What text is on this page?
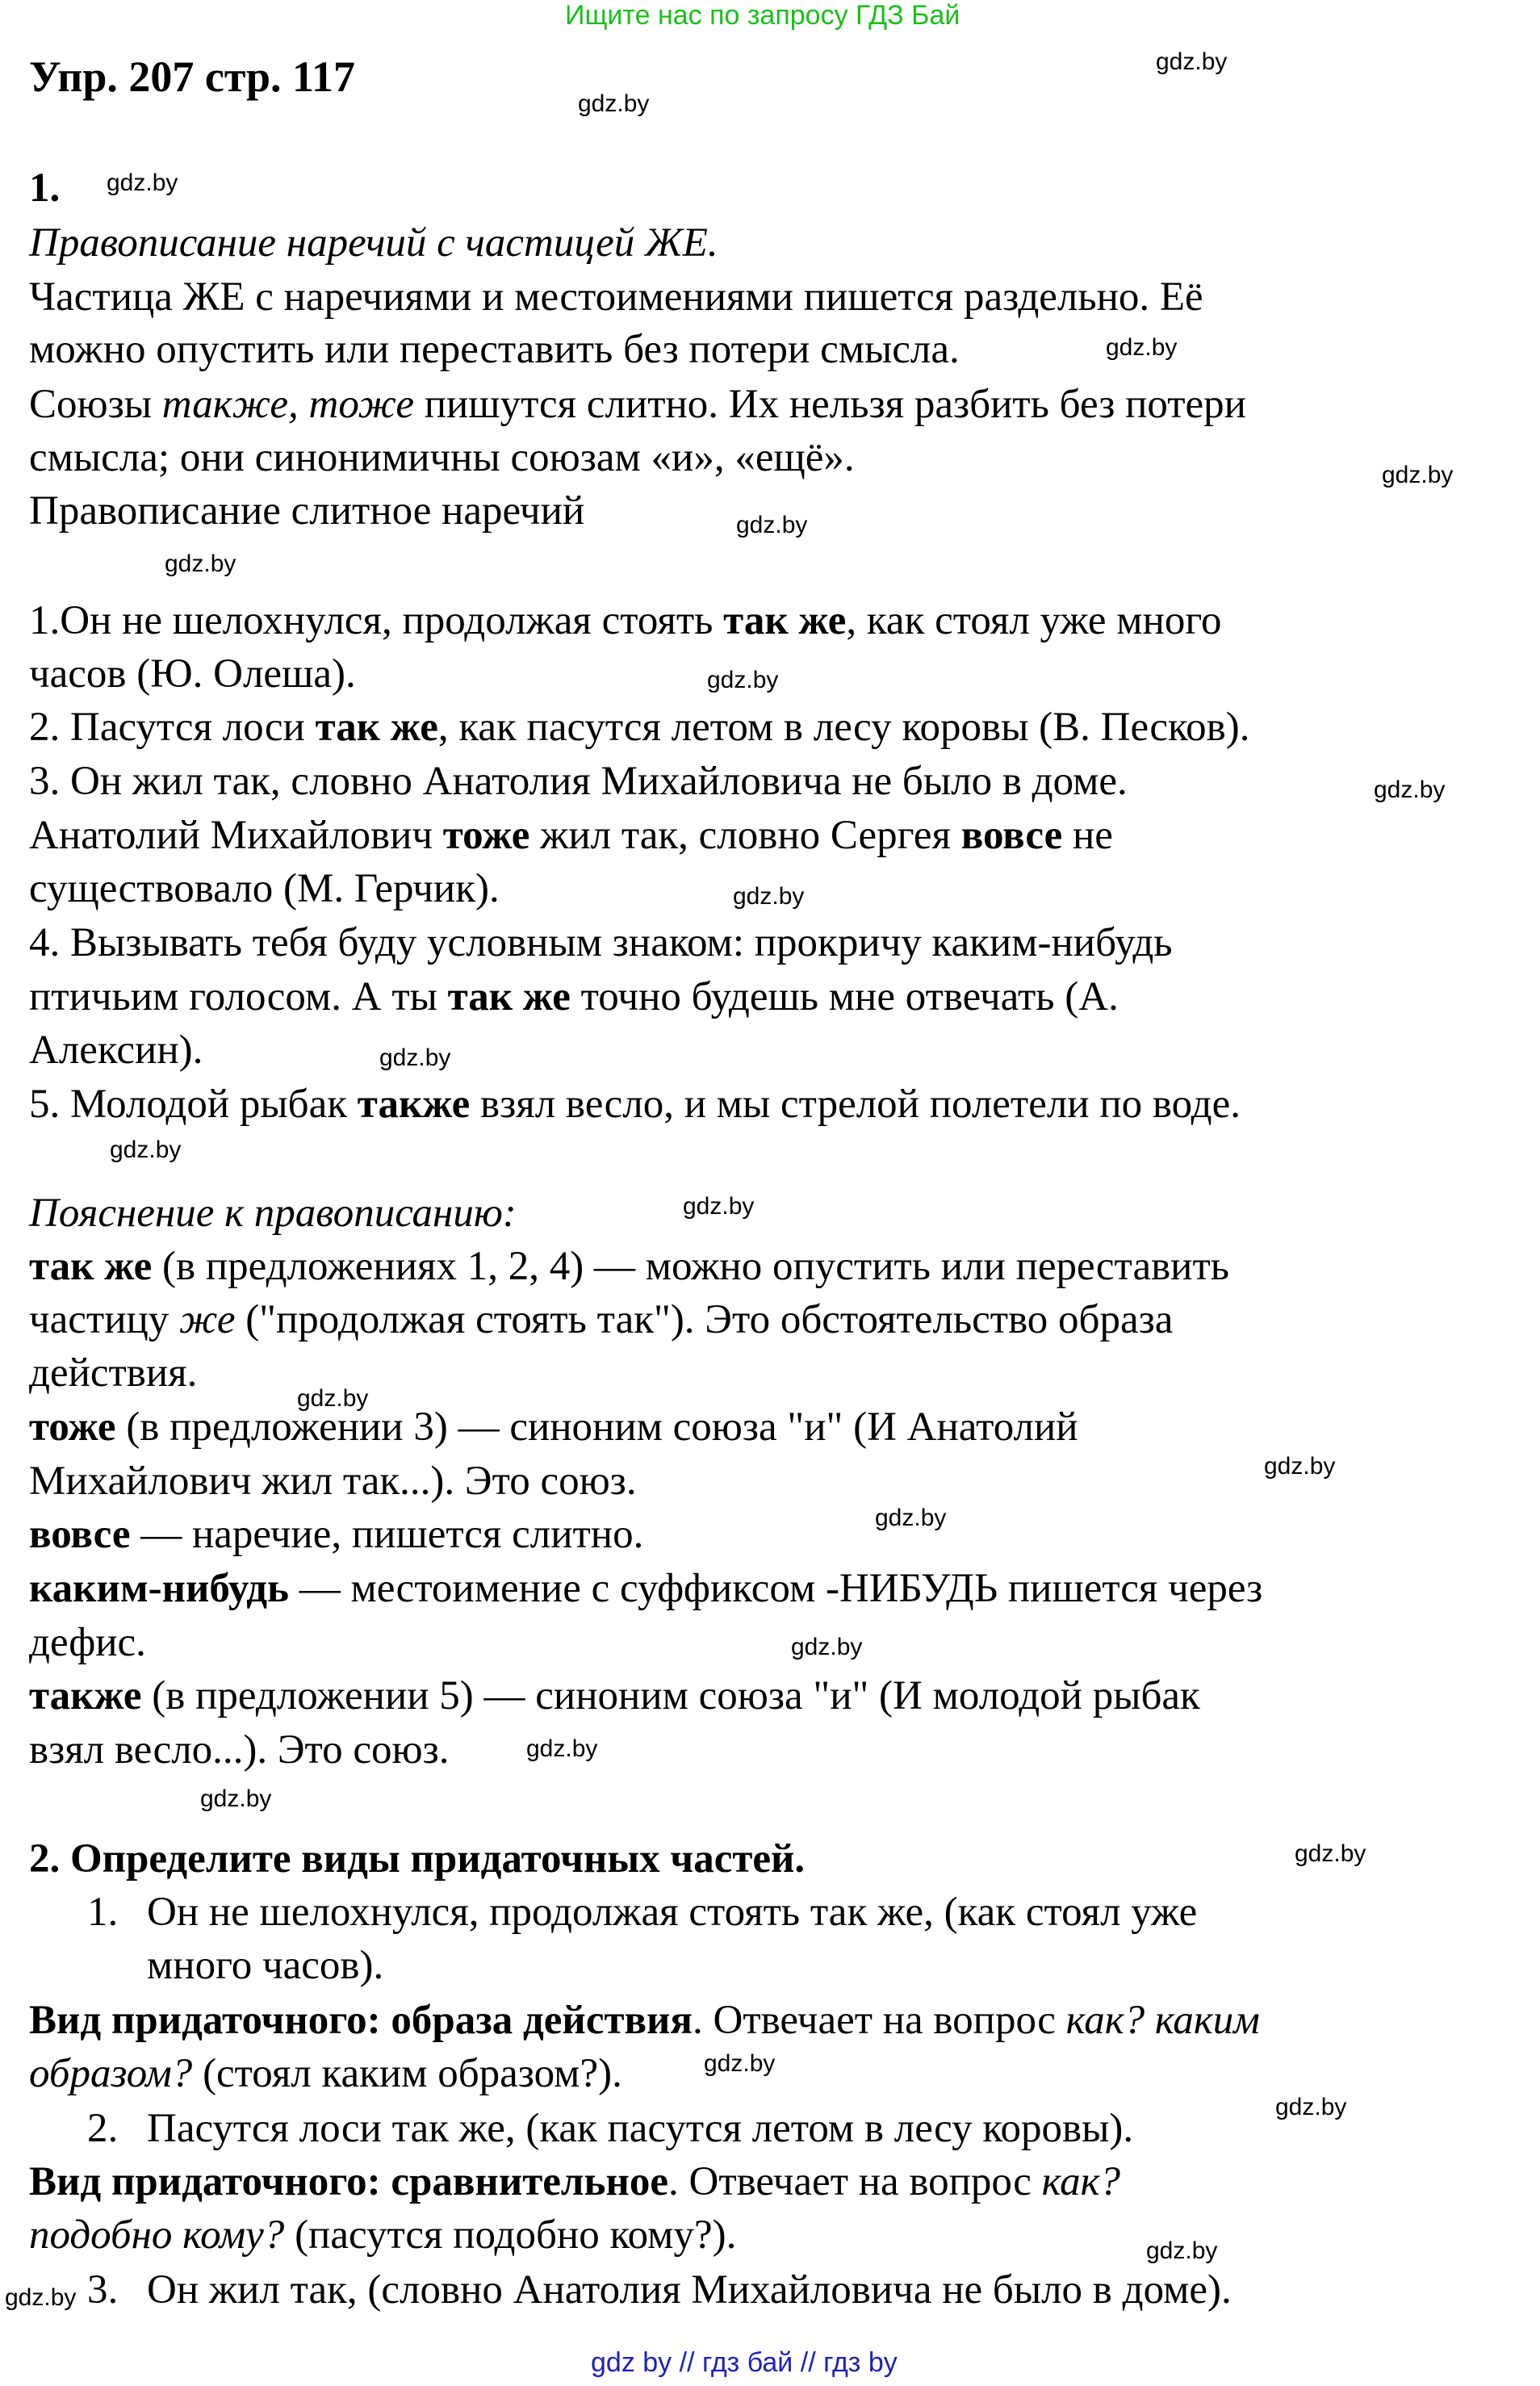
Ищите нас по запросу ГДЗ Бай
Упр. 207 стр. 117
1.
Правописание наречий с частицей ЖЕ.
Частица ЖЕ с наречиями и местоимениями пишется раздельно. Её
можно опустить или переставить без потери смысла.
Союзы также, тоже пишутся слитно. Их нельзя разбить без потери
смысла; они синонимичны союзам «и», «ещё».
Правописание слитное наречий
1.Он не шелохнулся, продолжая стоять так же, как стоял уже много
часов (Ю. Олеша).
2. Пасутся лоси так же, как пасутся летом в лесу коровы (В. Песков).
3. Он жил так, словно Анатолия Михайловича не было в доме.
Анатолий Михайлович тоже жил так, словно Сергея вовсе не
существовало (М. Герчик).
4. Вызывать тебя буду условным знаком: прокричу каким-нибудь
птичьим голосом. А ты так же точно будешь мне отвечать (А.
Алексин).
5. Молодой рыбак также взял весло, и мы стрелой полетели по воде.
Пояснение к правописанию:
так же (в предложениях 1, 2, 4) — можно опустить или переставить
частицу же ("продолжая стоять так"). Это обстоятельство образа
действия.
тоже (в предложении 3) — синоним союза "и" (И Анатолий
Михайлович жил так...). Это союз.
вовсе — наречие, пишется слитно.
каким-нибудь — местоимение с суффиксом -НИБУДЬ пишется через
дефис.
также (в предложении 5) — синоним союза "и" (И молодой рыбак
взял весло...). Это союз.
2. Определите виды придаточных частей.
1. Он не шелохнулся, продолжая стоять так же, (как стоял уже
много часов).
Вид придаточного: образа действия. Отвечает на вопрос как? каким
образом? (стоял каким образом?).
2. Пасутся лоси так же, (как пасутся летом в лесу коровы).
Вид придаточного: сравнительное. Отвечает на вопрос как?
подобно кому? (пасутся подобно кому?).
3. Он жил так, (словно Анатолия Михайловича не было в доме).
gdz.by
gdz.by
gdz.by
gdz.by
gdz.by
gdz.by
gdz.by
gdz.by
gdz.by
gdz.by
gdz.by
gdz.by
gdz.by
gdz.by
gdz.by
gdz.by
gdz.by
gdz.by
gdz.by
gdz.by
gdz.by
gdz.by
gdz.by
gdz.by
gdz by // гдз бай // гдз by
